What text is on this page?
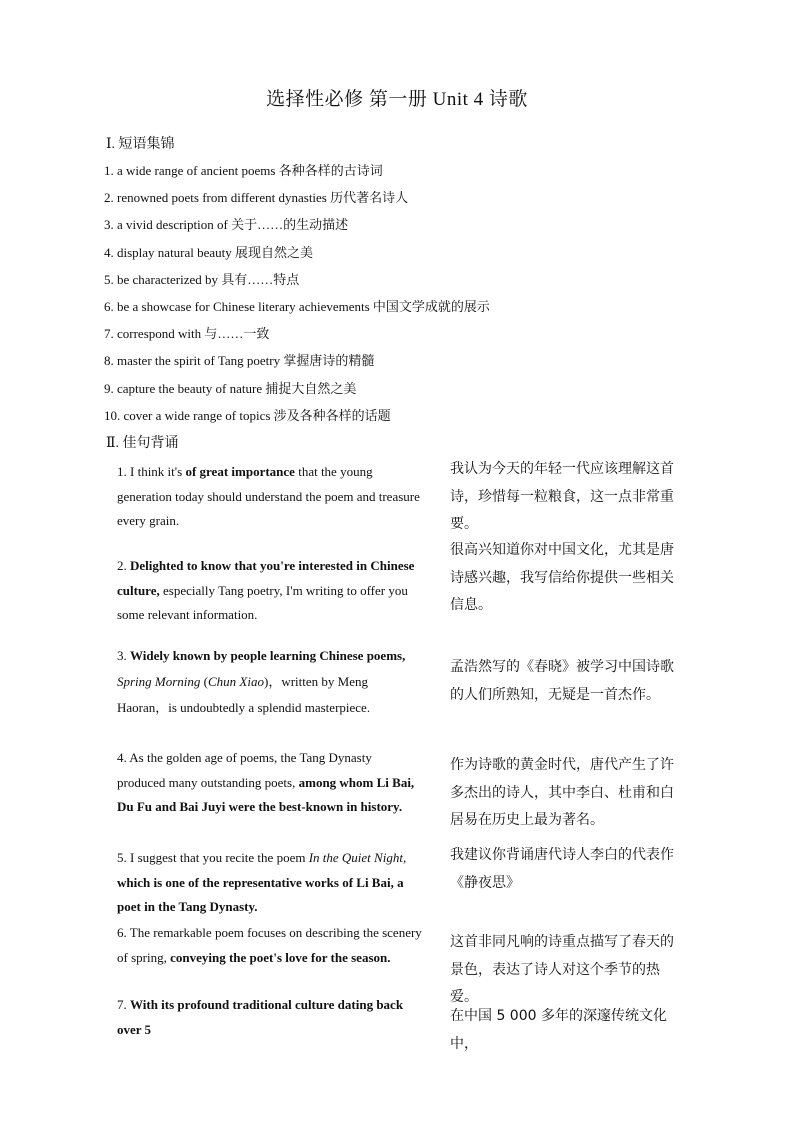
选择性必修 第一册 Unit 4 诗歌
Ⅰ. 短语集锦
1. a wide range of ancient poems 各种各样的古诗词
2. renowned poets from different dynasties 历代著名诗人
3. a vivid description of 关于……的生动描述
4. display natural beauty 展现自然之美
5. be characterized by 具有……特点
6. be a showcase for Chinese literary achievements 中国文学成就的展示
7. correspond with 与……一致
8. master the spirit of Tang poetry 掌握唐诗的精髓
9. capture the beauty of nature 捕捉大自然之美
10. cover a wide range of topics 涉及各种各样的话题
Ⅱ. 佳句背诵
1. I think it's of great importance that the young generation today should understand the poem and treasure every grain.
我认为今天的年轻一代应该理解这首诗，珍惜每一粒粮食，这一点非常重要。
2. Delighted to know that you're interested in Chinese culture, especially Tang poetry, I'm writing to offer you some relevant information.
很高兴知道你对中国文化，尤其是唐诗感兴趣，我写信给你提供一些相关信息。
3. Widely known by people learning Chinese poems, Spring Morning (Chun Xiao)，written by Meng Haoran，is undoubtedly a splendid masterpiece.
孟浩然写的《春晓》被学习中国诗歌的人们所熟知，无疑是一首杰作。
4. As the golden age of poems, the Tang Dynasty produced many outstanding poets, among whom Li Bai, Du Fu and Bai Juyi were the best-known in history.
作为诗歌的黄金时代，唐代产生了许多杰出的诗人，其中李白、杜甫和白居易在历史上最为著名。
5. I suggest that you recite the poem In the Quiet Night, which is one of the representative works of Li Bai, a poet in the Tang Dynasty.
我建议你背诵唐代诗人李白的代表作《静夜思》
6. The remarkable poem focuses on describing the scenery of spring, conveying the poet's love for the season.
这首非同凡响的诗重点描写了春天的景色，表达了诗人对这个季节的热爱。
7. With its profound traditional culture dating back over 5
在中国 5 000 多年的深邃传统文化中，
